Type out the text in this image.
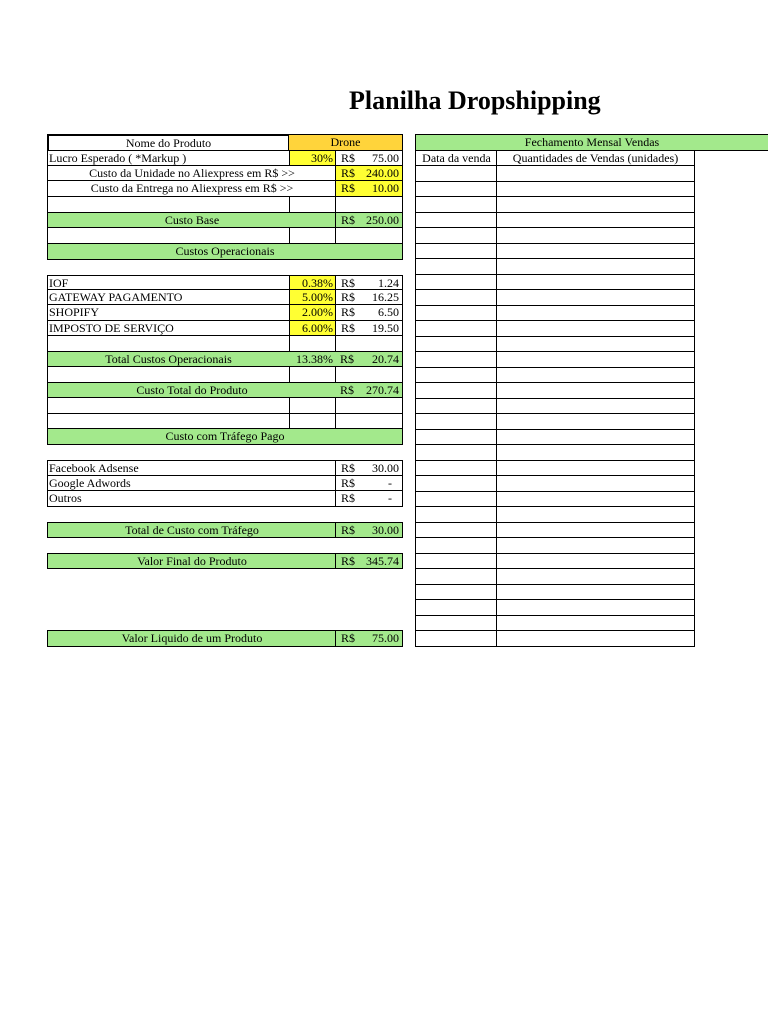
Planilha Dropshipping
Nome do Produto	Drone
Lucro Esperado ( *Markup )	30% R$ 75.00
Custo da Unidade no Aliexpress em R$ >>	R$ 240.00
Custo da Entrega no Aliexpress em R$ >>	R$ 10.00
Custo Base	R$ 250.00
Custos Operacionais
IOF	0.38% R$ 1.24
GATEWAY PAGAMENTO	5.00% R$ 16.25
SHOPIFY	2.00% R$ 6.50
IMPOSTO DE SERVIÇO	6.00% R$ 19.50
Total Custos Operacionais	13.38% R$ 20.74
Custo Total do Produto	R$ 270.74
Custo com Tráfego Pago
Facebook Adsense	R$ 30.00
Google Adwords	R$	-
Outros	R$	-
Total de Custo com Tráfego	R$ 30.00
Valor Final do Produto	R$ 345.74
Valor Liquido de um Produto	R$ 75.00
Fechamento Mensal Vendas
Data da venda	Quantidades de Vendas (unidades)
